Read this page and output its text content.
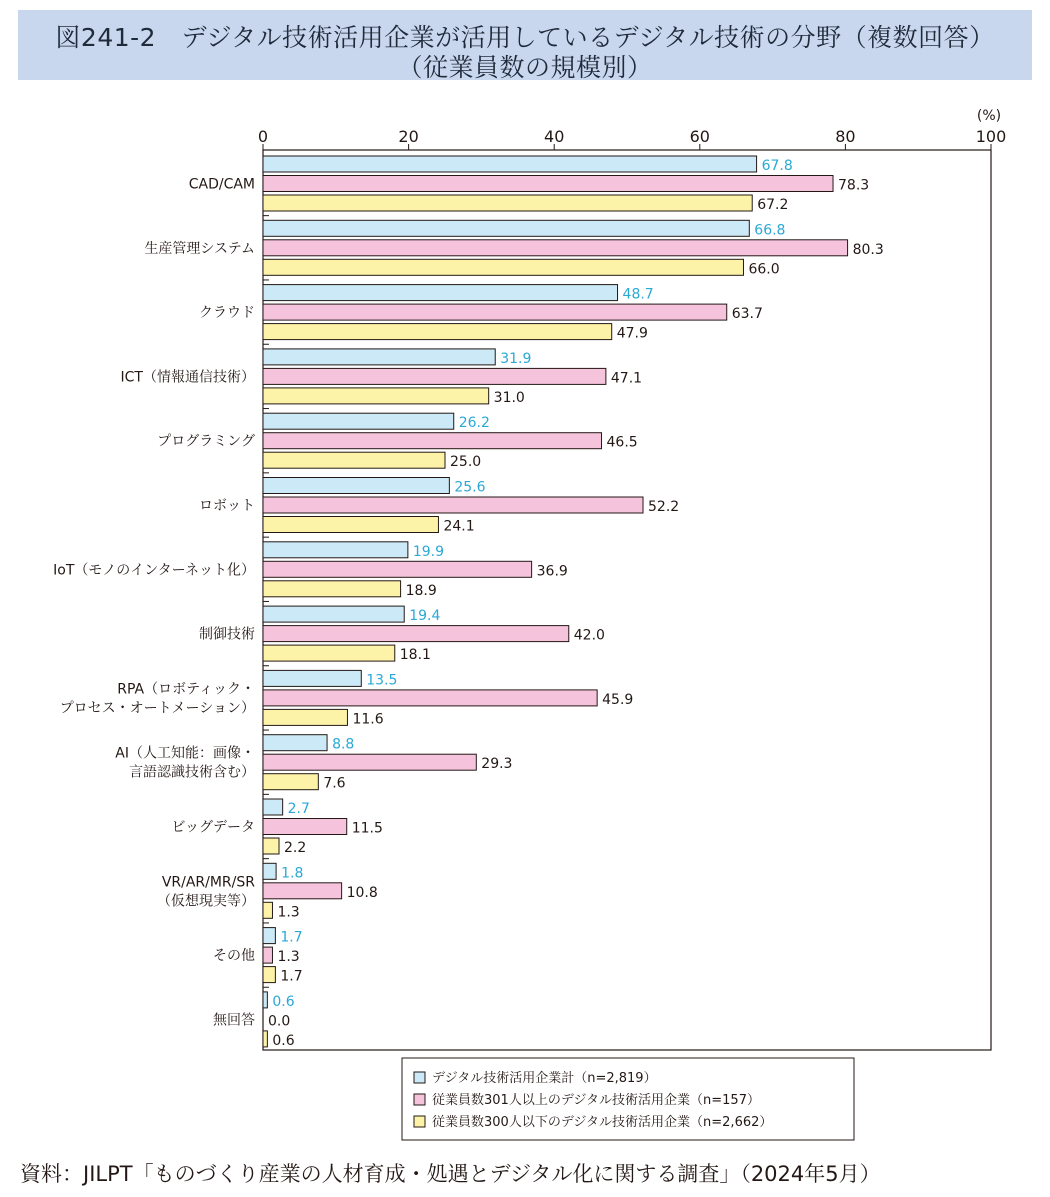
図241-2　デジタル技術活用企業が活用しているデジタル技術の分野（複数回答）
（従業員数の規模別）
(%)
0	20	40	60	80	100
CAD/CAM
67.8
78.3
67.2
生産管理システム
66.8
80.3
66.0
クラウド
48.7
63.7
47.9
ICT（情報通信技術）
31.9
47.1
31.0
プログラミング
26.2
46.5
25.0
ロボット
25.6
52.2
24.1
IoT（モノのインターネット化）
19.9
36.9
18.9
制御技術
19.4
42.0
18.1
RPA（ロボティック・
プロセス・オートメーション）
13.5
45.9
11.6
AI（人工知能：画像・
言語認識技術含む）
8.8
29.3
7.6
ビッグデータ
2.7
11.5
2.2
VR/AR/MR/SR
（仮想現実等）
1.8
10.8
1.3
その他
1.7
1.3
1.7
無回答
0.6
0.0
0.6
デジタル技術活用企業計（n=2,819）
従業員数301人以上のデジタル技術活用企業（n=157）
従業員数300人以下のデジタル技術活用企業（n=2,662）
資料：JILPT「ものづくり産業の人材育成・処遇とデジタル化に関する調査」（2024年5月）
